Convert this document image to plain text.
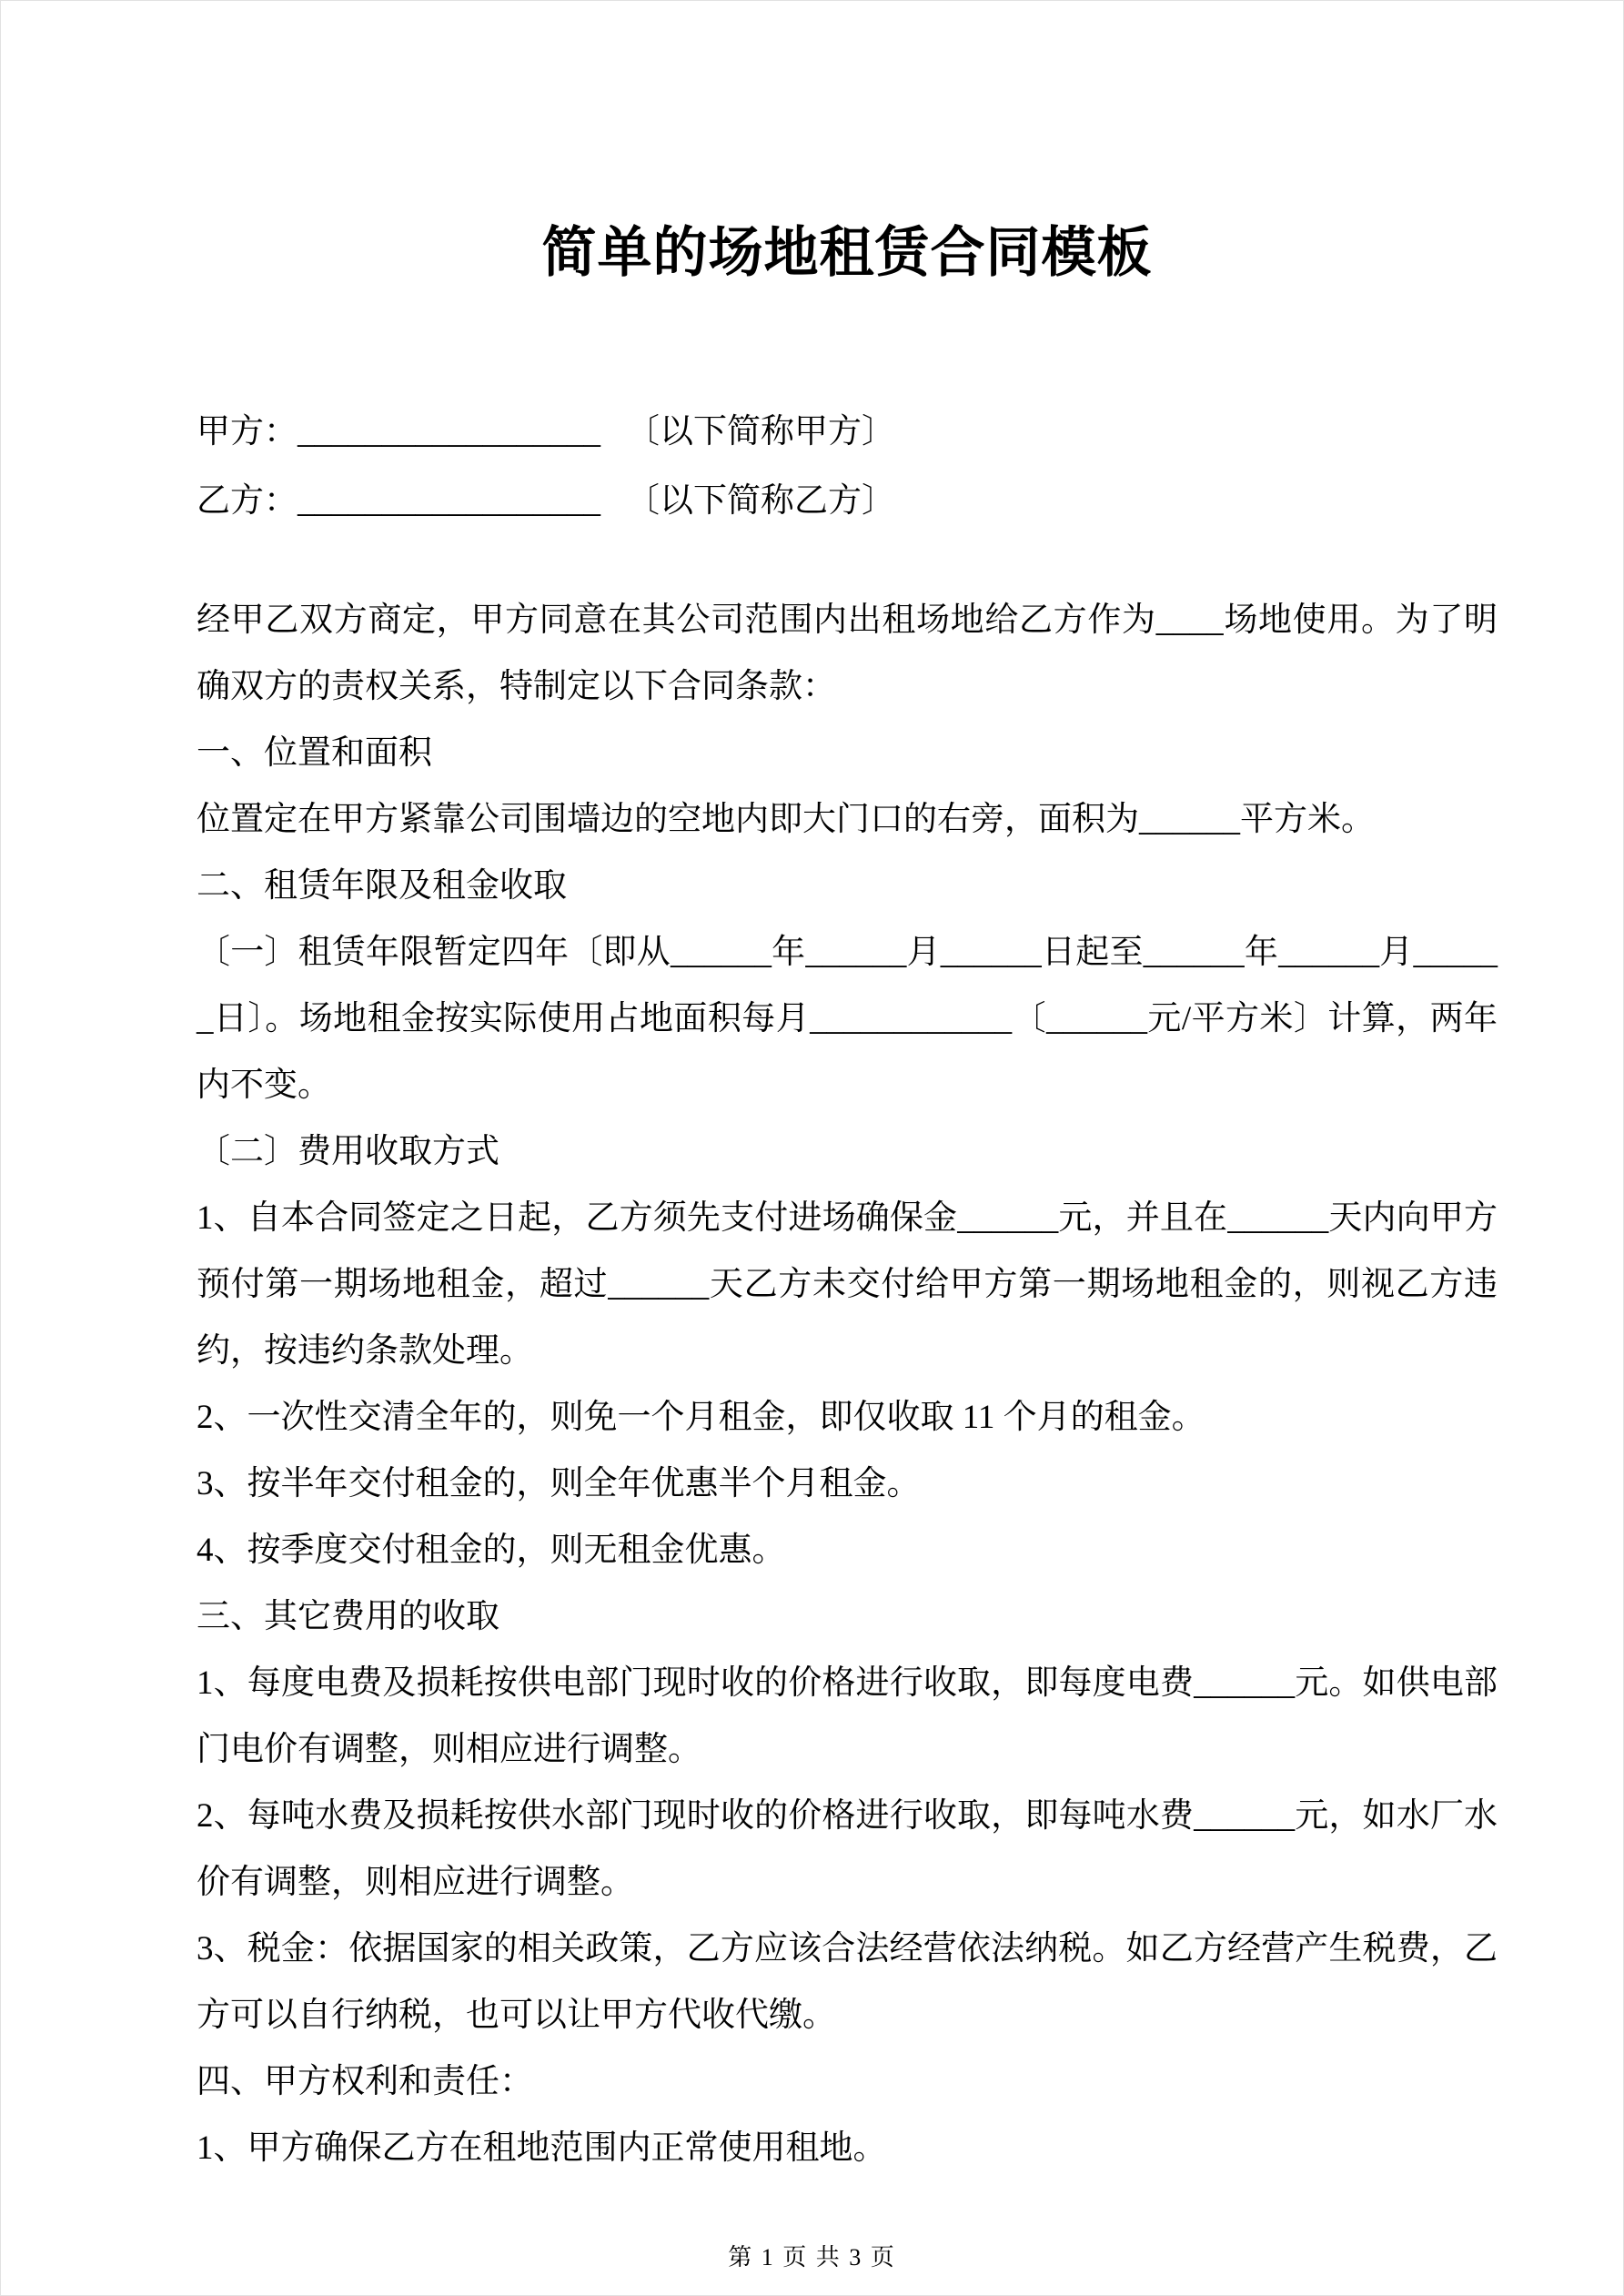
简单的场地租赁合同模板

甲方：__________________ 〔以下简称甲方〕

乙方：__________________ 〔以下简称乙方〕

经甲乙双方商定，甲方同意在其公司范围内出租场地给乙方作为____场地使用。为了明确双方的责权关系，特制定以下合同条款：

一、位置和面积

位置定在甲方紧靠公司围墙边的空地内即大门口的右旁，面积为______平方米。

二、租赁年限及租金收取

〔一〕租赁年限暂定四年〔即从______年______月______日起至______年______月______日〕。场地租金按实际使用占地面积每月____________〔______元/平方米〕计算，两年内不变。

〔二〕费用收取方式

1、自本合同签定之日起，乙方须先支付进场确保金______元，并且在______天内向甲方预付第一期场地租金，超过______天乙方未交付给甲方第一期场地租金的，则视乙方违约，按违约条款处理。

2、一次性交清全年的，则免一个月租金，即仅收取 11 个月的租金。

3、按半年交付租金的，则全年优惠半个月租金。

4、按季度交付租金的，则无租金优惠。

三、其它费用的收取

1、每度电费及损耗按供电部门现时收的价格进行收取，即每度电费______元。如供电部门电价有调整，则相应进行调整。

2、每吨水费及损耗按供水部门现时收的价格进行收取，即每吨水费______元，如水厂水价有调整，则相应进行调整。

3、税金：依据国家的相关政策，乙方应该合法经营依法纳税。如乙方经营产生税费，乙方可以自行纳税，也可以让甲方代收代缴。

四、甲方权利和责任：

1、甲方确保乙方在租地范围内正常使用租地。

第 1 页 共 3 页
